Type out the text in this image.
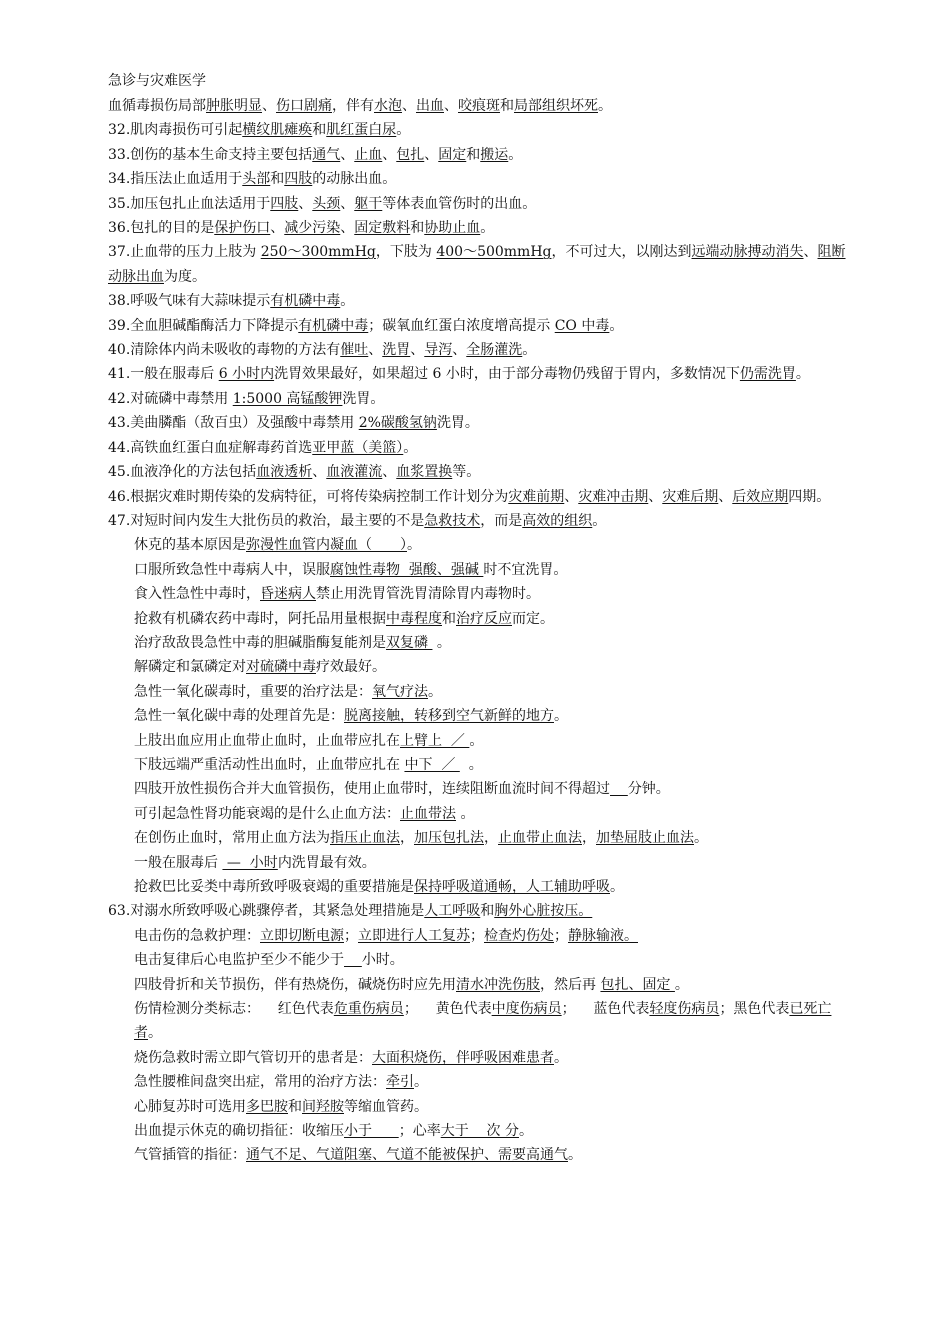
急诊与灾难医学
血循毒损伤局部肿胀明显、伤口剧痛，伴有水泡、出血、咬痕斑和局部组织坏死。
32.肌肉毒损伤可引起横纹肌瘫痪和肌红蛋白尿。
33.创伤的基本生命支持主要包括通气、止血、包扎、固定和搬运。
34.指压法止血适用于头部和四肢的动脉出血。
35.加压包扎止血法适用于四肢、头颈、躯干等体表血管伤时的出血。
36.包扎的目的是保护伤口、减少污染、固定敷料和协助止血。
37.止血带的压力上肢为 250～300mmHg，下肢为 400～500mmHg，不可过大，以刚达到远端动脉搏动消失、阻断动脉出血为度。
38.呼吸气味有大蒜味提示有机磷中毒。
39.全血胆碱酯酶活力下降提示有机磷中毒；碳氧血红蛋白浓度增高提示 CO 中毒。
40.清除体内尚未吸收的毒物的方法有催吐、洗胃、导泻、全肠灌洗。
41.一般在服毒后 6 小时内洗胃效果最好，如果超过 6 小时，由于部分毒物仍残留于胃内，多数情况下仍需洗胃。
42.对硫磷中毒禁用 1:5000 高锰酸钾洗胃。
43.美曲膦酯（敌百虫）及强酸中毒禁用 2%碳酸氢钠洗胃。
44.高铁血红蛋白血症解毒药首选亚甲蓝（美篮）。
45.血液净化的方法包括血液透析、血液灌流、血浆置换等。
46.根据灾难时期传染的发病特征，可将传染病控制工作计划分为灾难前期、灾难冲击期、灾难后期、后效应期四期。
47.对短时间内发生大批伤员的救治，最主要的不是急救技术，而是高效的组织。
休克的基本原因是弥漫性血管内凝血（　　）。
口服所致急性中毒病人中，误服腐蚀性毒物  强酸、强碱 时不宜洗胃。
食入性急性中毒时，昏迷病人禁止用洗胃管洗胃清除胃内毒物时。
抢救有机磷农药中毒时，阿托品用量根据中毒程度和治疗反应而定。
治疗敌敌畏急性中毒的胆碱脂酶复能剂是双复磷  。
解磷定和氯磷定对对硫磷中毒疗效最好。
急性一氧化碳毒时，重要的治疗法是：氧气疗法。
急性一氧化碳中毒的处理首先是：脱离接触，转移到空气新鲜的地方。
上肢出血应用止血带止血时，止血带应扎在上臂上  ／ 。
下肢远端严重活动性出血时，止血带应扎在 中下  ／   。
四肢开放性损伤合并大血管损伤，使用止血带时，连续阻断血流时间不得超过 分钟。
可引起急性肾功能衰竭的是什么止血方法：止血带法 。
在创伤止血时，常用止血方法为指压止血法，加压包扎法，止血带止血法，加垫屈肢止血法。
一般在服毒后  —  小时内洗胃最有效。
抢救巴比妥类中毒所致呼吸衰竭的重要措施是保持呼吸道通畅，人工辅助呼吸。
63.对溺水所致呼吸心跳骤停者，其紧急处理措施是人工呼吸和胸外心脏按压。
电击伤的急救护理：立即切断电源；立即进行人工复苏；检查灼伤处；静脉输液。
电击复律后心电监护至少不能少于 小时。
四肢骨折和关节损伤，伴有热烧伤，碱烧伤时应先用清水冲洗伤肢，然后再 包扎、固定 。
伤情检测分类标志：    红色代表危重伤病员；    黄色代表中度伤病员；    蓝色代表轻度伤病员；黑色代表已死亡者。
烧伤急救时需立即气管切开的患者是：大面积烧伤，伴呼吸困难患者。
急性腰椎间盘突出症，常用的治疗方法：牵引。
心肺复苏时可选用多巴胺和间羟胺等缩血管药。
出血提示休克的确切指征：收缩压小于      ；心率大于    次 分。
气管插管的指征：通气不足、气道阻塞、气道不能被保护、需要高通气。
